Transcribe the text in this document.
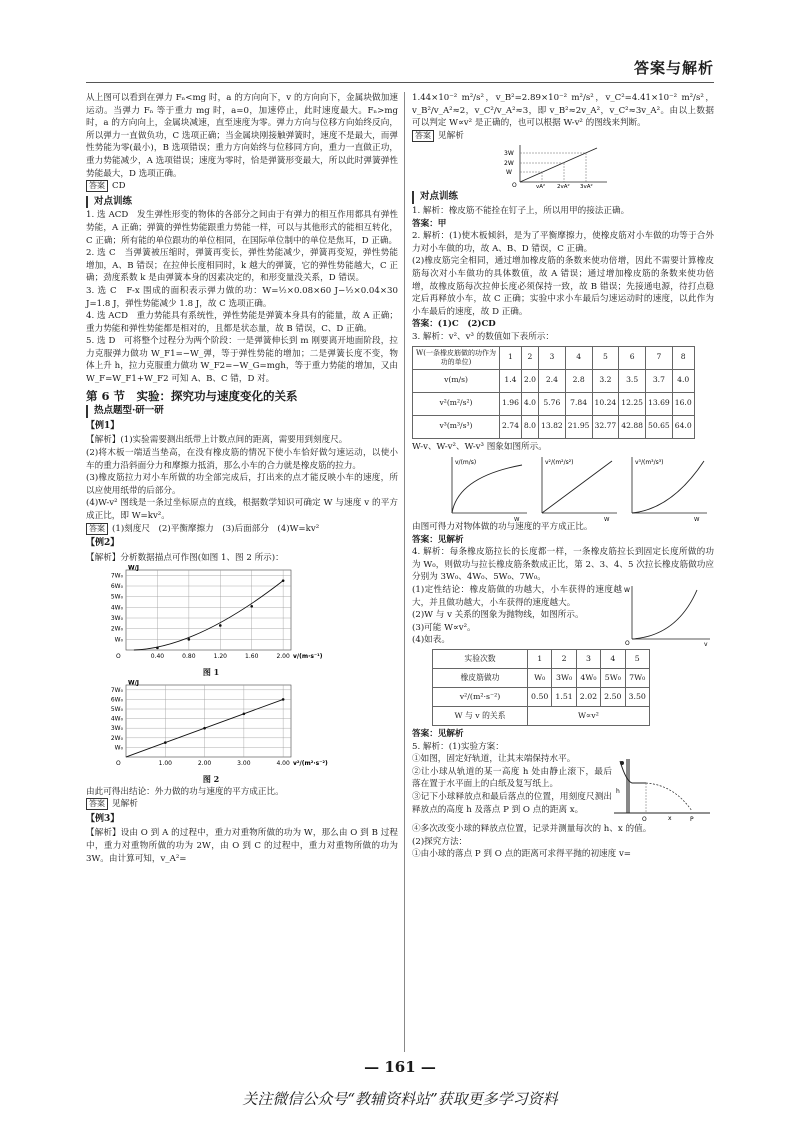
答案与解析

从上图可以看到在弹力 Fₙ<mg 时，a 的方向向下，v 的方向向下，金属块做加速运动。当弹力 Fₙ 等于重力 mg 时，a=0，加速停止，此时速度最大。Fₙ>mg 时，a 的方向向上，金属块减速，直至速度为零。弹力方向与位移方向始终反向，所以弹力一直做负功，C 选项正确；当金属块刚接触弹簧时，速度不是最大，而弹性势能为零(最小)，B 选项错误；重力方向始终与位移同方向，重力一直做正功，重力势能减少，A 选项错误；速度为零时，恰是弹簧形变最大，所以此时弹簧弹性势能最大，D 选项正确。

答案 CD

对点训练

1. 选 ACD　发生弹性形变的物体的各部分之间由于有弹力的相互作用都具有弹性势能，A 正确；弹簧的弹性势能跟重力势能一样，可以与其他形式的能相互转化，C 正确；所有能的单位跟功的单位相同，在国际单位制中的单位是焦耳，D 正确。

2. 选 C　当弹簧被压缩时，弹簧再变长，弹性势能减少，弹簧再变短，弹性势能增加，A、B 错误；在拉伸长度相同时，k 越大的弹簧，它的弹性势能越大，C 正确；劲度系数 k 是由弹簧本身的因素决定的，和形变量没关系，D 错误。

3. 选 C　F-x 围成的面积表示弹力做的功：W=½×0.08×60 J−½×0.04×30 J=1.8 J，弹性势能减少 1.8 J，故 C 选项正确。

4. 选 ACD　重力势能具有系统性，弹性势能是弹簧本身具有的能量，故 A 正确；重力势能和弹性势能都是相对的，且都是状态量，故 B 错误，C、D 正确。

5. 选 D　可将整个过程分为两个阶段：一是弹簧伸长到 m 刚要离开地面阶段，拉力克服弹力做功 W_F1=−W_弹，等于弹性势能的增加；二是弹簧长度不变，物体上升 h，拉力克服重力做功 W_F2=−W_G=mgh，等于重力势能的增加，又由 W_F=W_F1+W_F2 可知 A、B、C 错，D 对。

第 6 节　实验：探究功与速度变化的关系
热点题型·研一研
【例1】

【解析】(1)实验需要测出纸带上计数点间的距离，需要用到刻度尺。

(2)将木板一端适当垫高，在没有橡皮筋的情况下使小车恰好做匀速运动，以使小车的重力沿斜面分力和摩擦力抵消，那么小车的合力就是橡皮筋的拉力。

(3)橡皮筋拉力对小车所做的功全部完成后，打出来的点才能反映小车的速度，所以应使用纸带的后部分。

(4)W-v² 图线是一条过坐标原点的直线，根据数学知识可确定 W 与速度 v 的平方成正比，即 W=kv²。

答案 (1)刻度尺　(2)平衡摩擦力　(3)后面部分　(4)W=kv²

【例2】

【解析】分析数据描点可作图(如图 1、图 2 所示)：

W₀
2W₀
3W₀
4W₀
5W₀
6W₀
7W₀
0.40	0.80	1.20	1.60	2.00
O
W/J
v/(m·s⁻¹)
图 1
W₀
2W₀
3W₀
4W₀
5W₀
6W₀
7W₀
1.00	2.00	3.00	4.00
O
W/J
v²/(m²·s⁻²)
图 2

由此可得出结论：外力做的功与速度的平方成正比。

答案 见解析

【例3】

【解析】设由 O 到 A 的过程中，重力对重物所做的功为 W，那么由 O 到 B 过程中，重力对重物所做的功为 2W，由 O 到 C 的过程中，重力对重物所做的功为 3W。由计算可知，v_A²=

1.44×10⁻² m²/s²，v_B²=2.89×10⁻² m²/s²，v_C²=4.41×10⁻² m²/s²，v_B²/v_A²≈2，v_C²/v_A²≈3，即 v_B²≈2v_A²，v_C²≈3v_A²。由以上数据可以判定 W∝v² 是正确的，也可以根据 W-v² 的图线来判断。

答案 见解析

W
2W
3W
O	vA² 2vA² 3vA²
对点训练

1. 解析：橡皮筋不能拴在钉子上，所以用甲的接法正确。

答案：甲

2. 解析：(1)使木板倾斜，是为了平衡摩擦力，使橡皮筋对小车做的功等于合外力对小车做的功，故 A、B、D 错误，C 正确。

(2)橡皮筋完全相同，通过增加橡皮筋的条数来使功倍增，因此不需要计算橡皮筋每次对小车做功的具体数值，故 A 错误；通过增加橡皮筋的条数来使功倍增，故橡皮筋每次拉伸长度必须保持一致，故 B 错误；先接通电源，待打点稳定后再释放小车，故 C 正确；实验中求小车最后匀速运动时的速度，以此作为小车最后的速度，故 D 正确。

答案：(1)C　(2)CD

3. 解析：v²、v³ 的数值如下表所示：

W(一条橡皮筋做的功作为功的单位)	1	2	3	4	5	6	7	8
v(m/s)	1.4	2.0	2.4	2.8	3.2	3.5	3.7	4.0
v²(m²/s²)	1.96	4.0	5.76	7.84	10.24	12.25	13.69	16.0
v³(m³/s³)	2.74	8.0	13.82	21.95	32.77	42.88	50.65	64.0

W-v、W-v²、W-v³ 图象如图所示。

v/(m/s)
W
v²/(m²/s²)
W
v³/(m³/s³)
W

由图可得力对物体做的功与速度的平方成正比。

答案：见解析

4. 解析：每条橡皮筋拉长的长度都一样，一条橡皮筋拉长到固定长度所做的功为 W₀，则做功与拉长橡皮筋条数成正比，第 2、3、4、5 次拉长橡皮筋做功应分别为 3W₀、4W₀、5W₀、7W₀。

(1)定性结论：橡皮筋做的功越大，小车获得的速度越大，并且做功越大，小车获得的速度越大。

(2)W 与 v 关系的图象为抛物线，如图所示。

(3)可能 W∝v²。

(4)如表。

W
O	v
实验次数	1	2	3	4	5
橡皮筋做功	W₀	3W₀	4W₀	5W₀	7W₀
v²/(m²·s⁻²)	0.50	1.51	2.02	2.50	3.50
W 与 v 的关系	W∝v²				

答案：见解析

5. 解析：(1)实验方案：

①如图，固定好轨道，让其末端保持水平。

②让小球从轨道的某一高度 h 处由静止滚下，最后落在置于水平面上的白纸及复写纸上。

③记下小球释放点和最后落点的位置，用刻度尺测出释放点的高度 h 及落点 P 到 O 点的距离 x。

O	P
x
h

④多次改变小球的释放点位置，记录并测量每次的 h、x 的值。

(2)探究方法：

①由小球的落点 P 到 O 点的距离可求得平抛的初速度 v=

— 161 —
关注微信公众号“教辅资料站”获取更多学习资料
